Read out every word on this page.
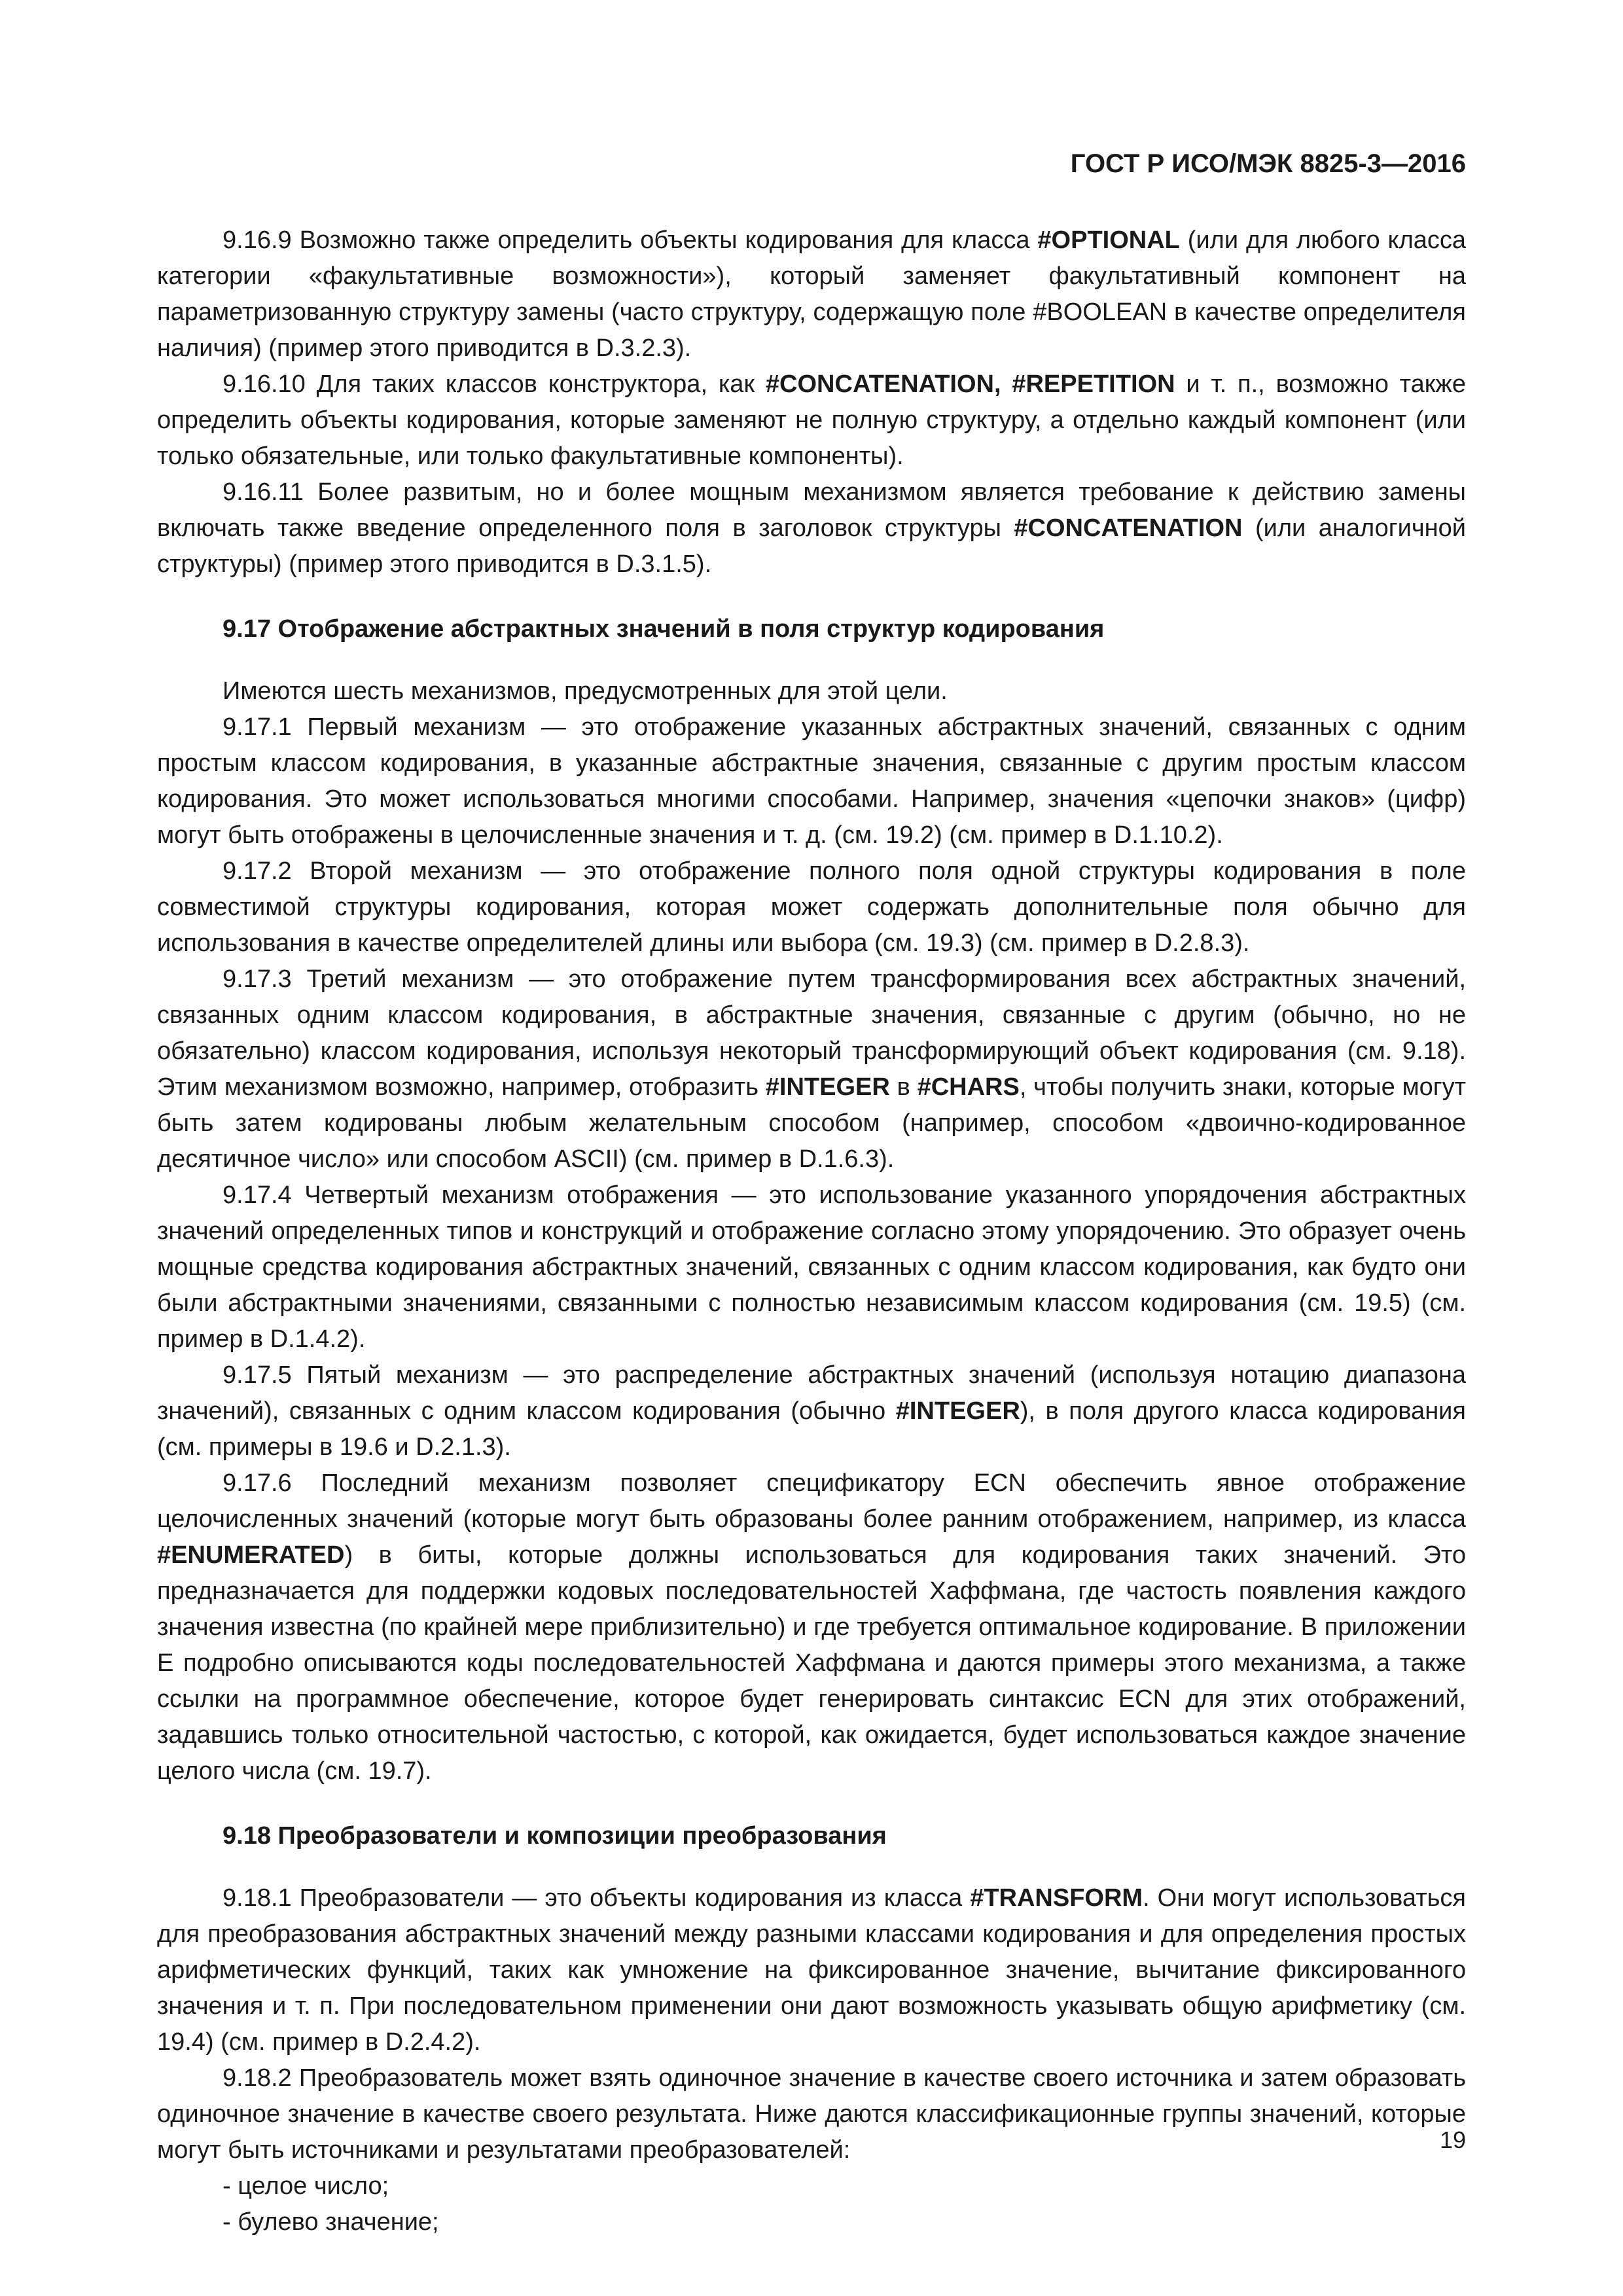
ГОСТ Р ИСО/МЭК 8825-3—2016

9.16.9 Возможно также определить объекты кодирования для класса #OPTIONAL (или для любого класса категории «факультативные возможности»), который заменяет факультативный компонент на параметризованную структуру замены (часто структуру, содержащую поле #BOOLEAN в качестве определителя наличия) (пример этого приводится в D.3.2.3).

9.16.10 Для таких классов конструктора, как #CONCATENATION, #REPETITION и т. п., возможно также определить объекты кодирования, которые заменяют не полную структуру, а отдельно каждый компонент (или только обязательные, или только факультативные компоненты).

9.16.11 Более развитым, но и более мощным механизмом является требование к действию замены включать также введение определенного поля в заголовок структуры #CONCATENATION (или аналогичной структуры) (пример этого приводится в D.3.1.5).

9.17 Отображение абстрактных значений в поля структур кодирования

Имеются шесть механизмов, предусмотренных для этой цели.

9.17.1 Первый механизм — это отображение указанных абстрактных значений, связанных с одним простым классом кодирования, в указанные абстрактные значения, связанные с другим простым классом кодирования. Это может использоваться многими способами. Например, значения «цепочки знаков» (цифр) могут быть отображены в целочисленные значения и т. д. (см. 19.2) (см. пример в D.1.10.2).

9.17.2 Второй механизм — это отображение полного поля одной структуры кодирования в поле совместимой структуры кодирования, которая может содержать дополнительные поля обычно для использования в качестве определителей длины или выбора (см. 19.3) (см. пример в D.2.8.3).

9.17.3 Третий механизм — это отображение путем трансформирования всех абстрактных значений, связанных одним классом кодирования, в абстрактные значения, связанные с другим (обычно, но не обязательно) классом кодирования, используя некоторый трансформирующий объект кодирования (см. 9.18). Этим механизмом возможно, например, отобразить #INTEGER в #CHARS, чтобы получить знаки, которые могут быть затем кодированы любым желательным способом (например, способом «двоично-кодированное десятичное число» или способом ASCII) (см. пример в D.1.6.3).

9.17.4 Четвертый механизм отображения — это использование указанного упорядочения абстрактных значений определенных типов и конструкций и отображение согласно этому упорядочению. Это образует очень мощные средства кодирования абстрактных значений, связанных с одним классом кодирования, как будто они были абстрактными значениями, связанными с полностью независимым классом кодирования (см. 19.5) (см. пример в D.1.4.2).

9.17.5 Пятый механизм — это распределение абстрактных значений (используя нотацию диапазона значений), связанных с одним классом кодирования (обычно #INTEGER), в поля другого класса кодирования (см. примеры в 19.6 и D.2.1.3).

9.17.6 Последний механизм позволяет спецификатору ECN обеспечить явное отображение целочисленных значений (которые могут быть образованы более ранним отображением, например, из класса #ENUMERATED) в биты, которые должны использоваться для кодирования таких значений. Это предназначается для поддержки кодовых последовательностей Хаффмана, где частость появления каждого значения известна (по крайней мере приблизительно) и где требуется оптимальное кодирование. В приложении E подробно описываются коды последовательностей Хаффмана и даются примеры этого механизма, а также ссылки на программное обеспечение, которое будет генерировать синтаксис ECN для этих отображений, задавшись только относительной частостью, с которой, как ожидается, будет использоваться каждое значение целого числа (см. 19.7).

9.18 Преобразователи и композиции преобразования

9.18.1 Преобразователи — это объекты кодирования из класса #TRANSFORM. Они могут использоваться для преобразования абстрактных значений между разными классами кодирования и для определения простых арифметических функций, таких как умножение на фиксированное значение, вычитание фиксированного значения и т. п. При последовательном применении они дают возможность указывать общую арифметику (см. 19.4) (см. пример в D.2.4.2).

9.18.2 Преобразователь может взять одиночное значение в качестве своего источника и затем образовать одиночное значение в качестве своего результата. Ниже даются классификационные группы значений, которые могут быть источниками и результатами преобразователей:

- целое число;
- булево значение;
19
